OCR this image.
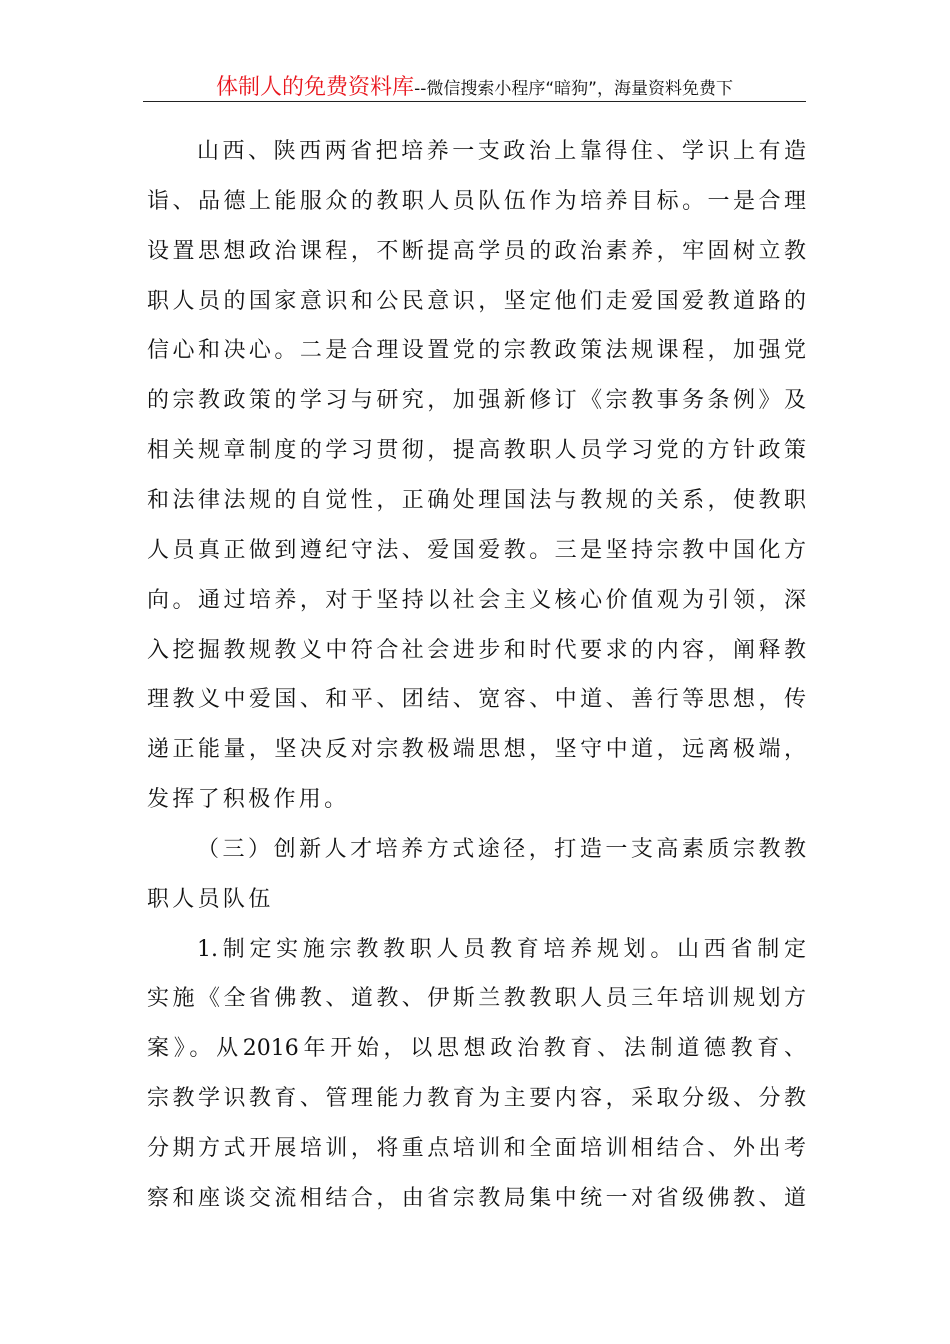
体制人的免费资料库--微信搜索小程序“暗狗”，海量资料免费下
山西、陕西两省把培养一支政治上靠得住、学识上有造
诣、品德上能服众的教职人员队伍作为培养目标。一是合理
设置思想政治课程，不断提高学员的政治素养，牢固树立教
职人员的国家意识和公民意识，坚定他们走爱国爱教道路的
信心和决心。二是合理设置党的宗教政策法规课程，加强党
的宗教政策的学习与研究，加强新修订《宗教事务条例》及
相关规章制度的学习贯彻，提高教职人员学习党的方针政策
和法律法规的自觉性，正确处理国法与教规的关系，使教职
人员真正做到遵纪守法、爱国爱教。三是坚持宗教中国化方
向。通过培养，对于坚持以社会主义核心价值观为引领，深
入挖掘教规教义中符合社会进步和时代要求的内容，阐释教
理教义中爱国、和平、团结、宽容、中道、善行等思想，传
递正能量，坚决反对宗教极端思想，坚守中道，远离极端，
发挥了积极作用。
（三）创新人才培养方式途径，打造一支高素质宗教教
职人员队伍
1.制定实施宗教教职人员教育培养规划。山西省制定
实施《全省佛教、道教、伊斯兰教教职人员三年培训规划方
案》。从2016年开始，以思想政治教育、法制道德教育、
宗教学识教育、管理能力教育为主要内容，采取分级、分教
分期方式开展培训，将重点培训和全面培训相结合、外出考
察和座谈交流相结合，由省宗教局集中统一对省级佛教、道
